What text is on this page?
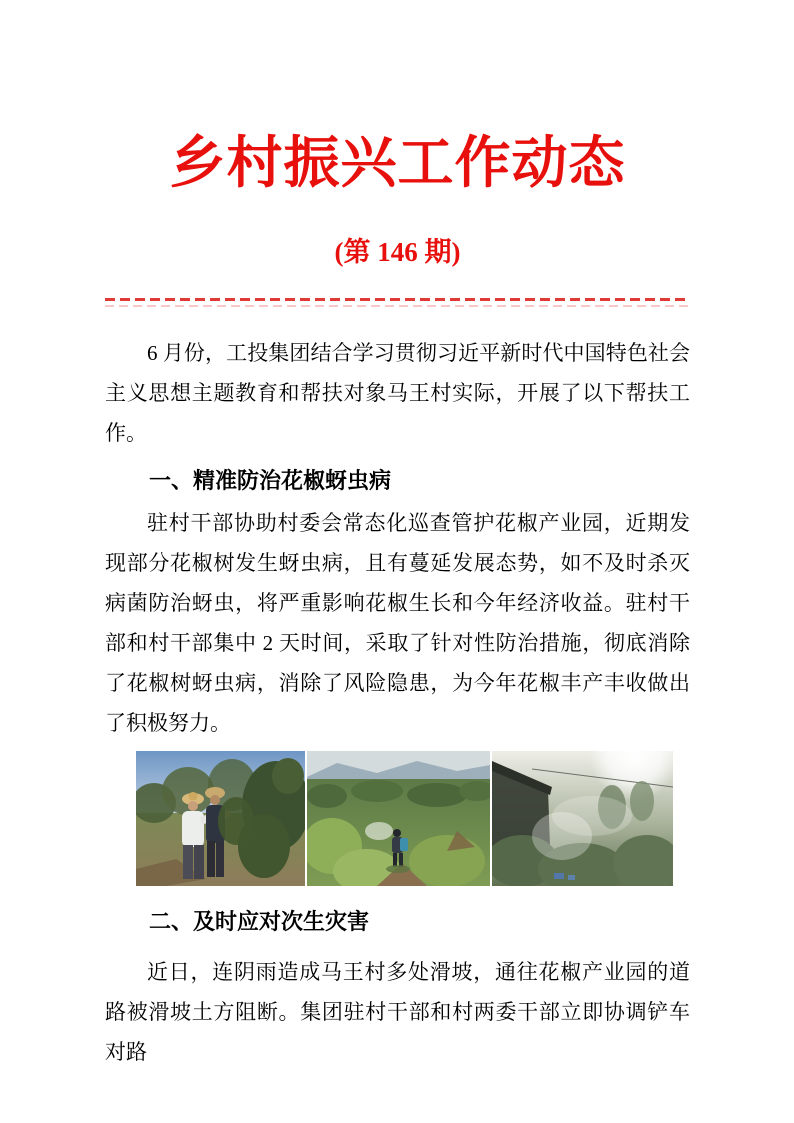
乡村振兴工作动态
(第 146 期)

6 月份，工投集团结合学习贯彻习近平新时代中国特色社会主义思想主题教育和帮扶对象马王村实际，开展了以下帮扶工作。

一、精准防治花椒蚜虫病

驻村干部协助村委会常态化巡查管护花椒产业园，近期发现部分花椒树发生蚜虫病，且有蔓延发展态势，如不及时杀灭病菌防治蚜虫，将严重影响花椒生长和今年经济收益。驻村干部和村干部集中 2 天时间，采取了针对性防治措施，彻底消除了花椒树蚜虫病，消除了风险隐患，为今年花椒丰产丰收做出了积极努力。

二、及时应对次生灾害

近日，连阴雨造成马王村多处滑坡，通往花椒产业园的道路被滑坡土方阻断。集团驻村干部和村两委干部立即协调铲车对路
